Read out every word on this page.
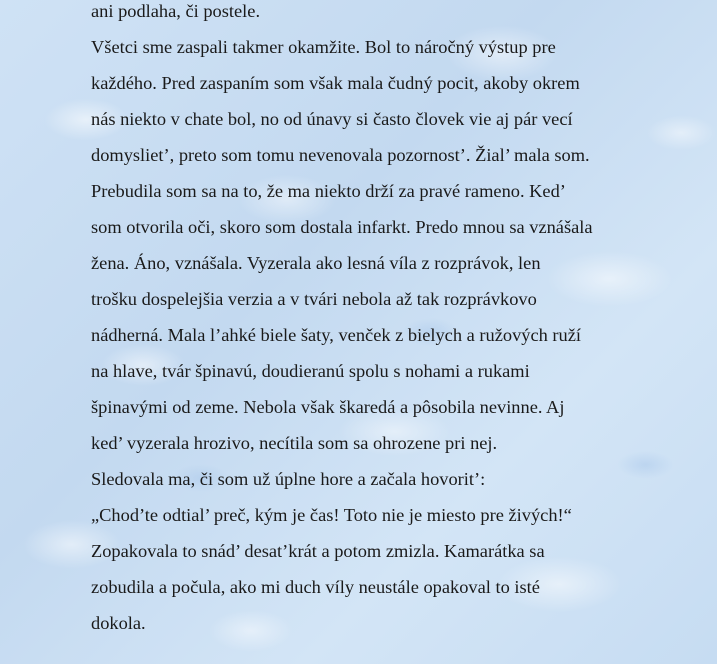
ani podlaha, či postele.
Všetci sme zaspali takmer okamžite. Bol to náročný výstup pre
každého. Pred zaspaním som však mala čudný pocit, akoby okrem
nás niekto v chate bol, no od únavy si často človek vie aj pár vecí
domysliet’, preto som tomu nevenovala pozornost’. Žial’ mala som.
Prebudila som sa na to, že ma niekto drží za pravé rameno. Ked’
som otvorila oči, skoro som dostala infarkt. Predo mnou sa vznášala
žena. Áno, vznášala. Vyzerala ako lesná víla z rozprávok, len
trošku dospelejšia verzia a v tvári nebola až tak rozprávkovo
nádherná. Mala l’ahké biele šaty, venček z bielych a ružových ruží
na hlave, tvár špinavú, doudieranú spolu s nohami a rukami
špinavými od zeme. Nebola však škaredá a pôsobila nevinne. Aj
ked’ vyzerala hrozivo, necítila som sa ohrozene pri nej.
Sledovala ma, či som už úplne hore a začala hovorit’:
„Chod’te odtial’ preč, kým je čas! Toto nie je miesto pre živých!“
Zopakovala to snád’ desat’krát a potom zmizla. Kamarátka sa
zobudila a počula, ako mi duch víly neustále opakoval to isté
dokola.
